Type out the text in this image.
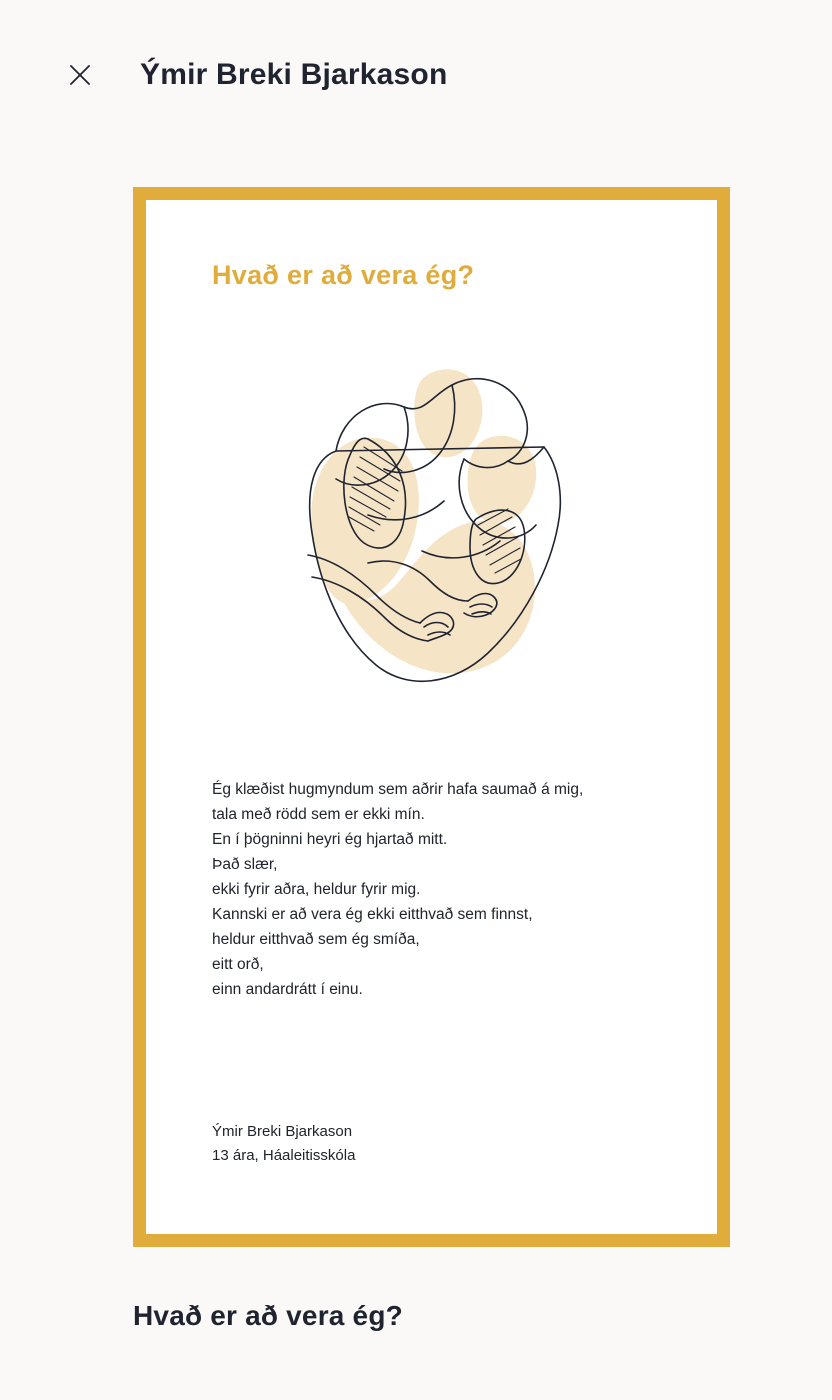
Ýmir Breki Bjarkason
Hvað er að vera ég?
Ég klæðist hugmyndum sem aðrir hafa saumað á mig,
tala með rödd sem er ekki mín.
En í þögninni heyri ég hjartað mitt.
Það slær,
ekki fyrir aðra, heldur fyrir mig.
Kannski er að vera ég ekki eitthvað sem finnst,
heldur eitthvað sem ég smíða,
eitt orð,
einn andardrátt í einu.
Ýmir Breki Bjarkason
13 ára, Háaleitisskóla
Hvað er að vera ég?
